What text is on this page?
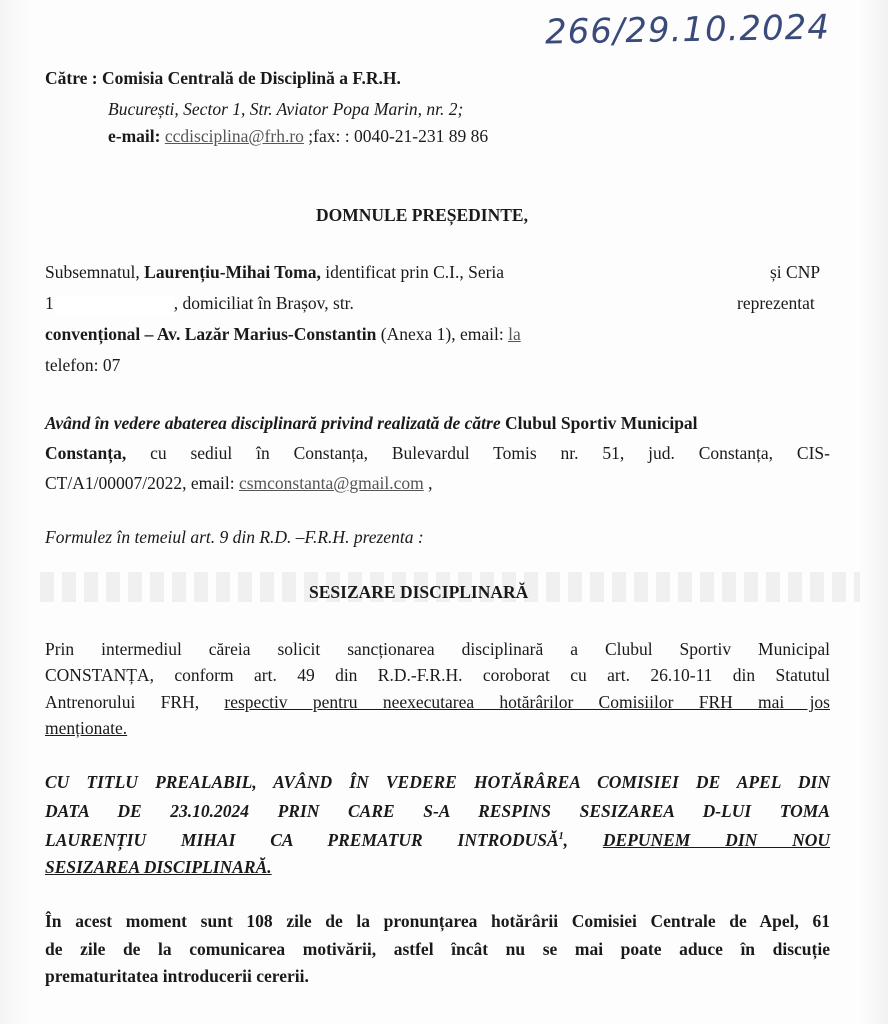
266/29.10.2024
Către : Comisia Centrală de Disciplină a F.R.H.
București, Sector 1, Str. Aviator Popa Marin, nr. 2;
e-mail: ccdisciplina@frh.ro ;fax: : 0040-21-231 89 86
DOMNULE PREȘEDINTE,
Subsemnatul, Laurențiu-Mihai Toma, identificat prin C.I., Seria	și CNP
1	, domiciliat în Brașov, str.	reprezentat
convențional – Av. Lazăr Marius-Constantin (Anexa 1), email: la
telefon: 07
Având în vedere abaterea disciplinară privind realizată de către Clubul Sportiv Municipal
Constanța, cu sediul în Constanța, Bulevardul Tomis nr. 51, jud. Constanța, CIS-
CT/A1/00007/2022, email: csmconstanta@gmail.com ,
Formulez în temeiul art. 9 din R.D. –F.R.H. prezenta :
SESIZARE DISCIPLINARĂ
Prin intermediul căreia solicit sancționarea disciplinară a Clubul Sportiv Municipal
CONSTANȚA, conform art. 49 din R.D.-F.R.H. coroborat cu art. 26.10-11 din Statutul
Antrenorului FRH, respectiv pentru neexecutarea hotărârilor Comisiilor FRH mai jos
menționate.
CU TITLU PREALABIL, AVÂND ÎN VEDERE HOTĂRÂREA COMISIEI DE APEL DIN
DATA DE 23.10.2024 PRIN CARE S-A RESPINS SESIZAREA D-LUI TOMA
LAURENȚIU MIHAI CA PREMATUR INTRODUSĂ$^1$, DEPUNEM DIN NOU
SESIZAREA DISCIPLINARĂ.
În acest moment sunt 108 zile de la pronunțarea hotărârii Comisiei Centrale de Apel, 61
de zile de la comunicarea motivării, astfel încât nu se mai poate aduce în discuție
prematuritatea introducerii cererii.
